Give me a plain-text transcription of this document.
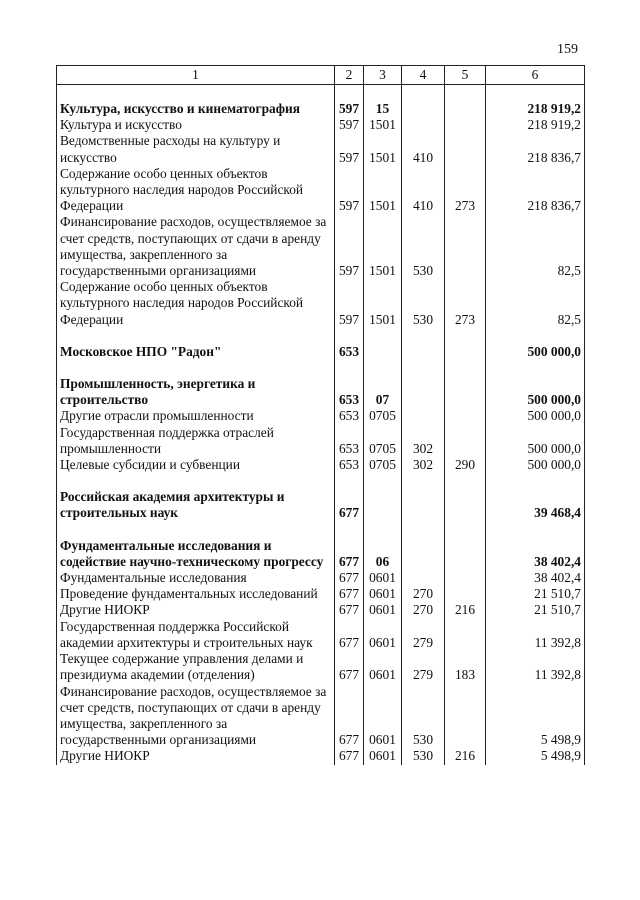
159
1	2	3	4	5	6

Культура, искусство и кинематография	597	15			218 919,2
Культура и искусство	597	1501			218 919,2
Ведомственные расходы на культуру и искусство	597	1501	410		218 836,7
Содержание особо ценных объектов культурного наследия народов Российской Федерации	597	1501	410	273	218 836,7
Финансирование расходов, осуществляемое за счет средств, поступающих от сдачи в аренду имущества, закрепленного за государственными организациями	597	1501	530		82,5
Содержание особо ценных объектов культурного наследия народов Российской Федерации	597	1501	530	273	82,5

Московское НПО "Радон"	653				500 000,0

Промышленность, энергетика и строительство	653	07			500 000,0
Другие отрасли промышленности	653	0705			500 000,0
Государственная поддержка отраслей промышленности	653	0705	302		500 000,0
Целевые субсидии и субвенции	653	0705	302	290	500 000,0

Российская академия архитектуры и строительных наук	677				39 468,4

Фундаментальные исследования и содействие научно-техническому прогрессу	677	06			38 402,4
Фундаментальные исследования	677	0601			38 402,4
Проведение фундаментальных исследований	677	0601	270		21 510,7
Другие НИОКР	677	0601	270	216	21 510,7
Государственная поддержка Российской академии архитектуры и строительных наук	677	0601	279		11 392,8
Текущее содержание управления делами и президиума академии (отделения)	677	0601	279	183	11 392,8
Финансирование расходов, осуществляемое за счет средств, поступающих от сдачи в аренду имущества, закрепленного за государственными организациями	677	0601	530		5 498,9
Другие НИОКР	677	0601	530	216	5 498,9
